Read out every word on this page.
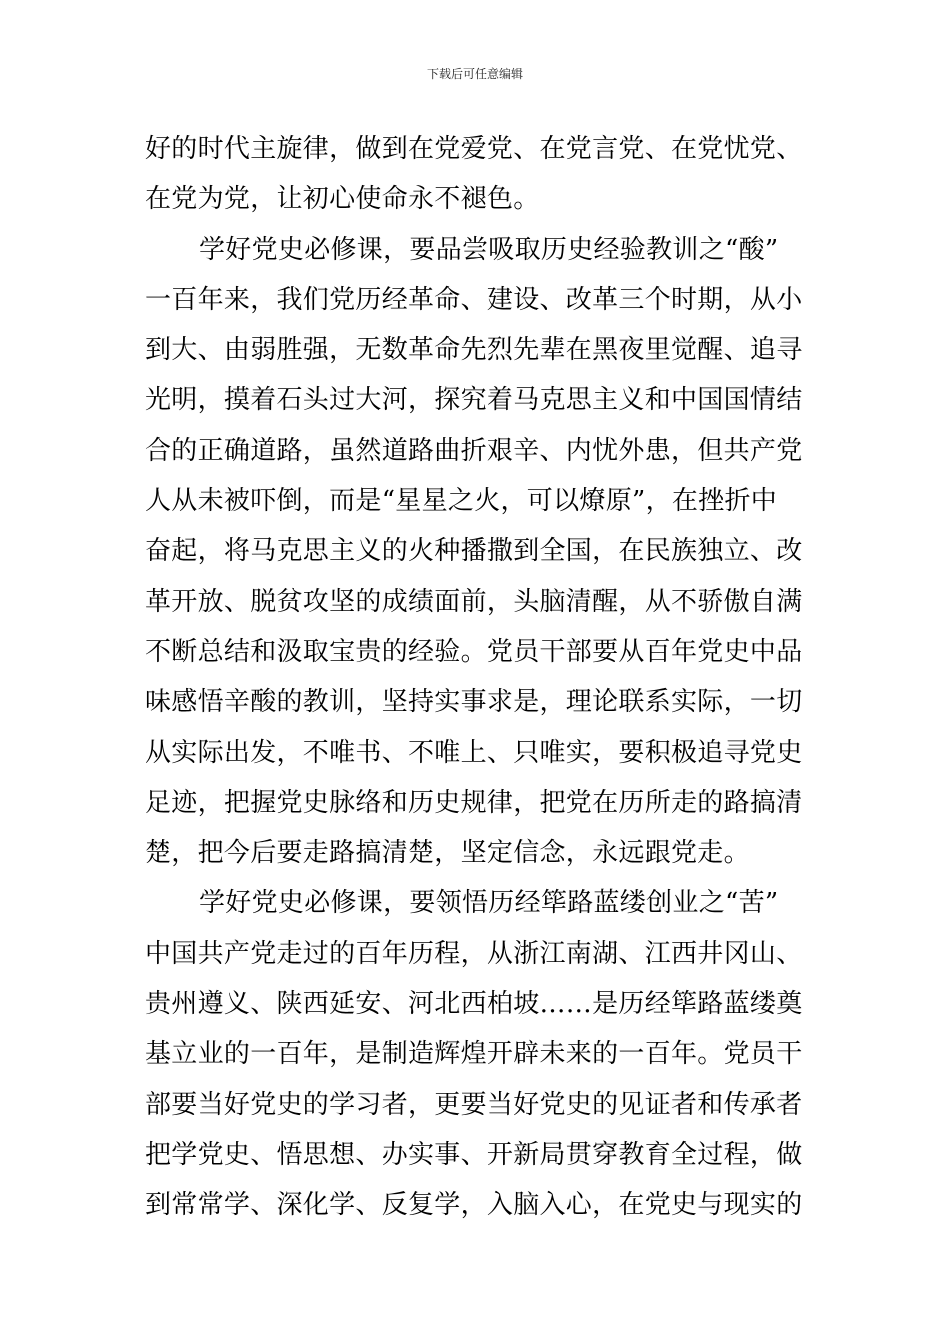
下载后可任意编辑
好的时代主旋律，做到在党爱党、在党言党、在党忧党、
在党为党，让初心使命永不褪色。
学好党史必修课，要品尝吸取历史经验教训之“酸”
一百年来，我们党历经革命、建设、改革三个时期，从小
到大、由弱胜强，无数革命先烈先辈在黑夜里觉醒、追寻
光明，摸着石头过大河，探究着马克思主义和中国国情结
合的正确道路，虽然道路曲折艰辛、内忧外患，但共产党
人从未被吓倒，而是“星星之火，可以燎原”，在挫折中
奋起，将马克思主义的火种播撒到全国，在民族独立、改
革开放、脱贫攻坚的成绩面前，头脑清醒，从不骄傲自满
不断总结和汲取宝贵的经验。党员干部要从百年党史中品
味感悟辛酸的教训，坚持实事求是，理论联系实际，一切
从实际出发，不唯书、不唯上、只唯实，要积极追寻党史
足迹，把握党史脉络和历史规律，把党在历所走的路搞清
楚，把今后要走路搞清楚，坚定信念，永远跟党走。
学好党史必修课，要领悟历经筚路蓝缕创业之“苦”
中国共产党走过的百年历程，从浙江南湖、江西井冈山、
贵州遵义、陕西延安、河北西柏坡……是历经筚路蓝缕奠
基立业的一百年，是制造辉煌开辟未来的一百年。党员干
部要当好党史的学习者，更要当好党史的见证者和传承者
把学党史、悟思想、办实事、开新局贯穿教育全过程，做
到常常学、深化学、反复学，入脑入心，在党史与现实的
